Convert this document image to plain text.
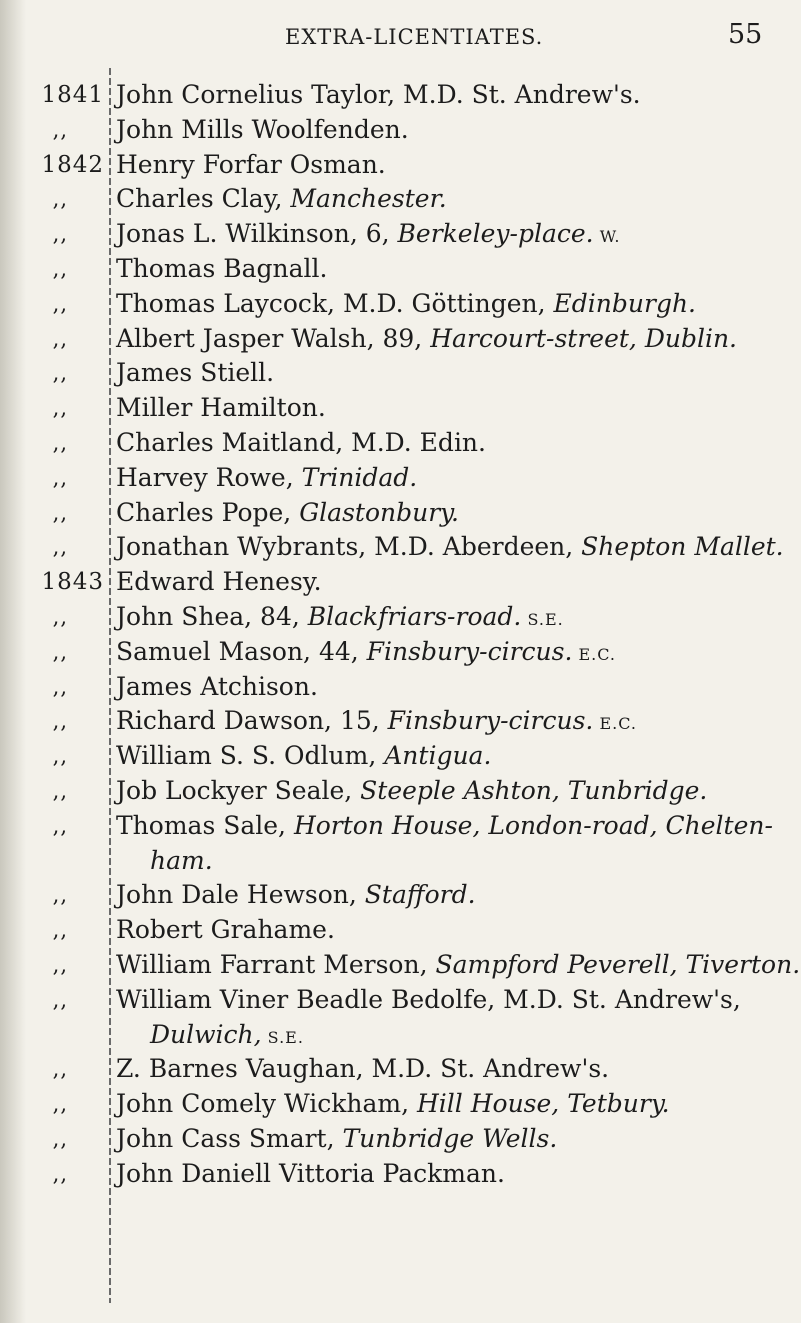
EXTRA-LICENTIATES.	55
1841 John Cornelius Taylor, M.D. St. Andrew's.
,, John Mills Woolfenden.
1842 Henry Forfar Osman.
,, Charles Clay, Manchester.
,, Jonas L. Wilkinson, 6, Berkeley-place. W.
,, Thomas Bagnall.
,, Thomas Laycock, M.D. Göttingen, Edinburgh.
,, Albert Jasper Walsh, 89, Harcourt-street, Dublin.
,, James Stiell.
,, Miller Hamilton.
,, Charles Maitland, M.D. Edin.
,, Harvey Rowe, Trinidad.
,, Charles Pope, Glastonbury.
,, Jonathan Wybrants, M.D. Aberdeen, Shepton Mallet.
1843 Edward Henesy.
,, John Shea, 84, Blackfriars-road. S.E.
,, Samuel Mason, 44, Finsbury-circus. E.C.
,, James Atchison.
,, Richard Dawson, 15, Finsbury-circus. E.C.
,, William S. S. Odlum, Antigua.
,, Job Lockyer Seale, Steeple Ashton, Tunbridge.
,, Thomas Sale, Horton House, London-road, Chelten-
ham.
,, John Dale Hewson, Stafford.
,, Robert Grahame.
,, William Farrant Merson, Sampford Peverell, Tiverton.
,, William Viner Beadle Bedolfe, M.D. St. Andrew's,
Dulwich, S.E.
,, Z. Barnes Vaughan, M.D. St. Andrew's.
,, John Comely Wickham, Hill House, Tetbury.
,, John Cass Smart, Tunbridge Wells.
,, John Daniell Vittoria Packman.
